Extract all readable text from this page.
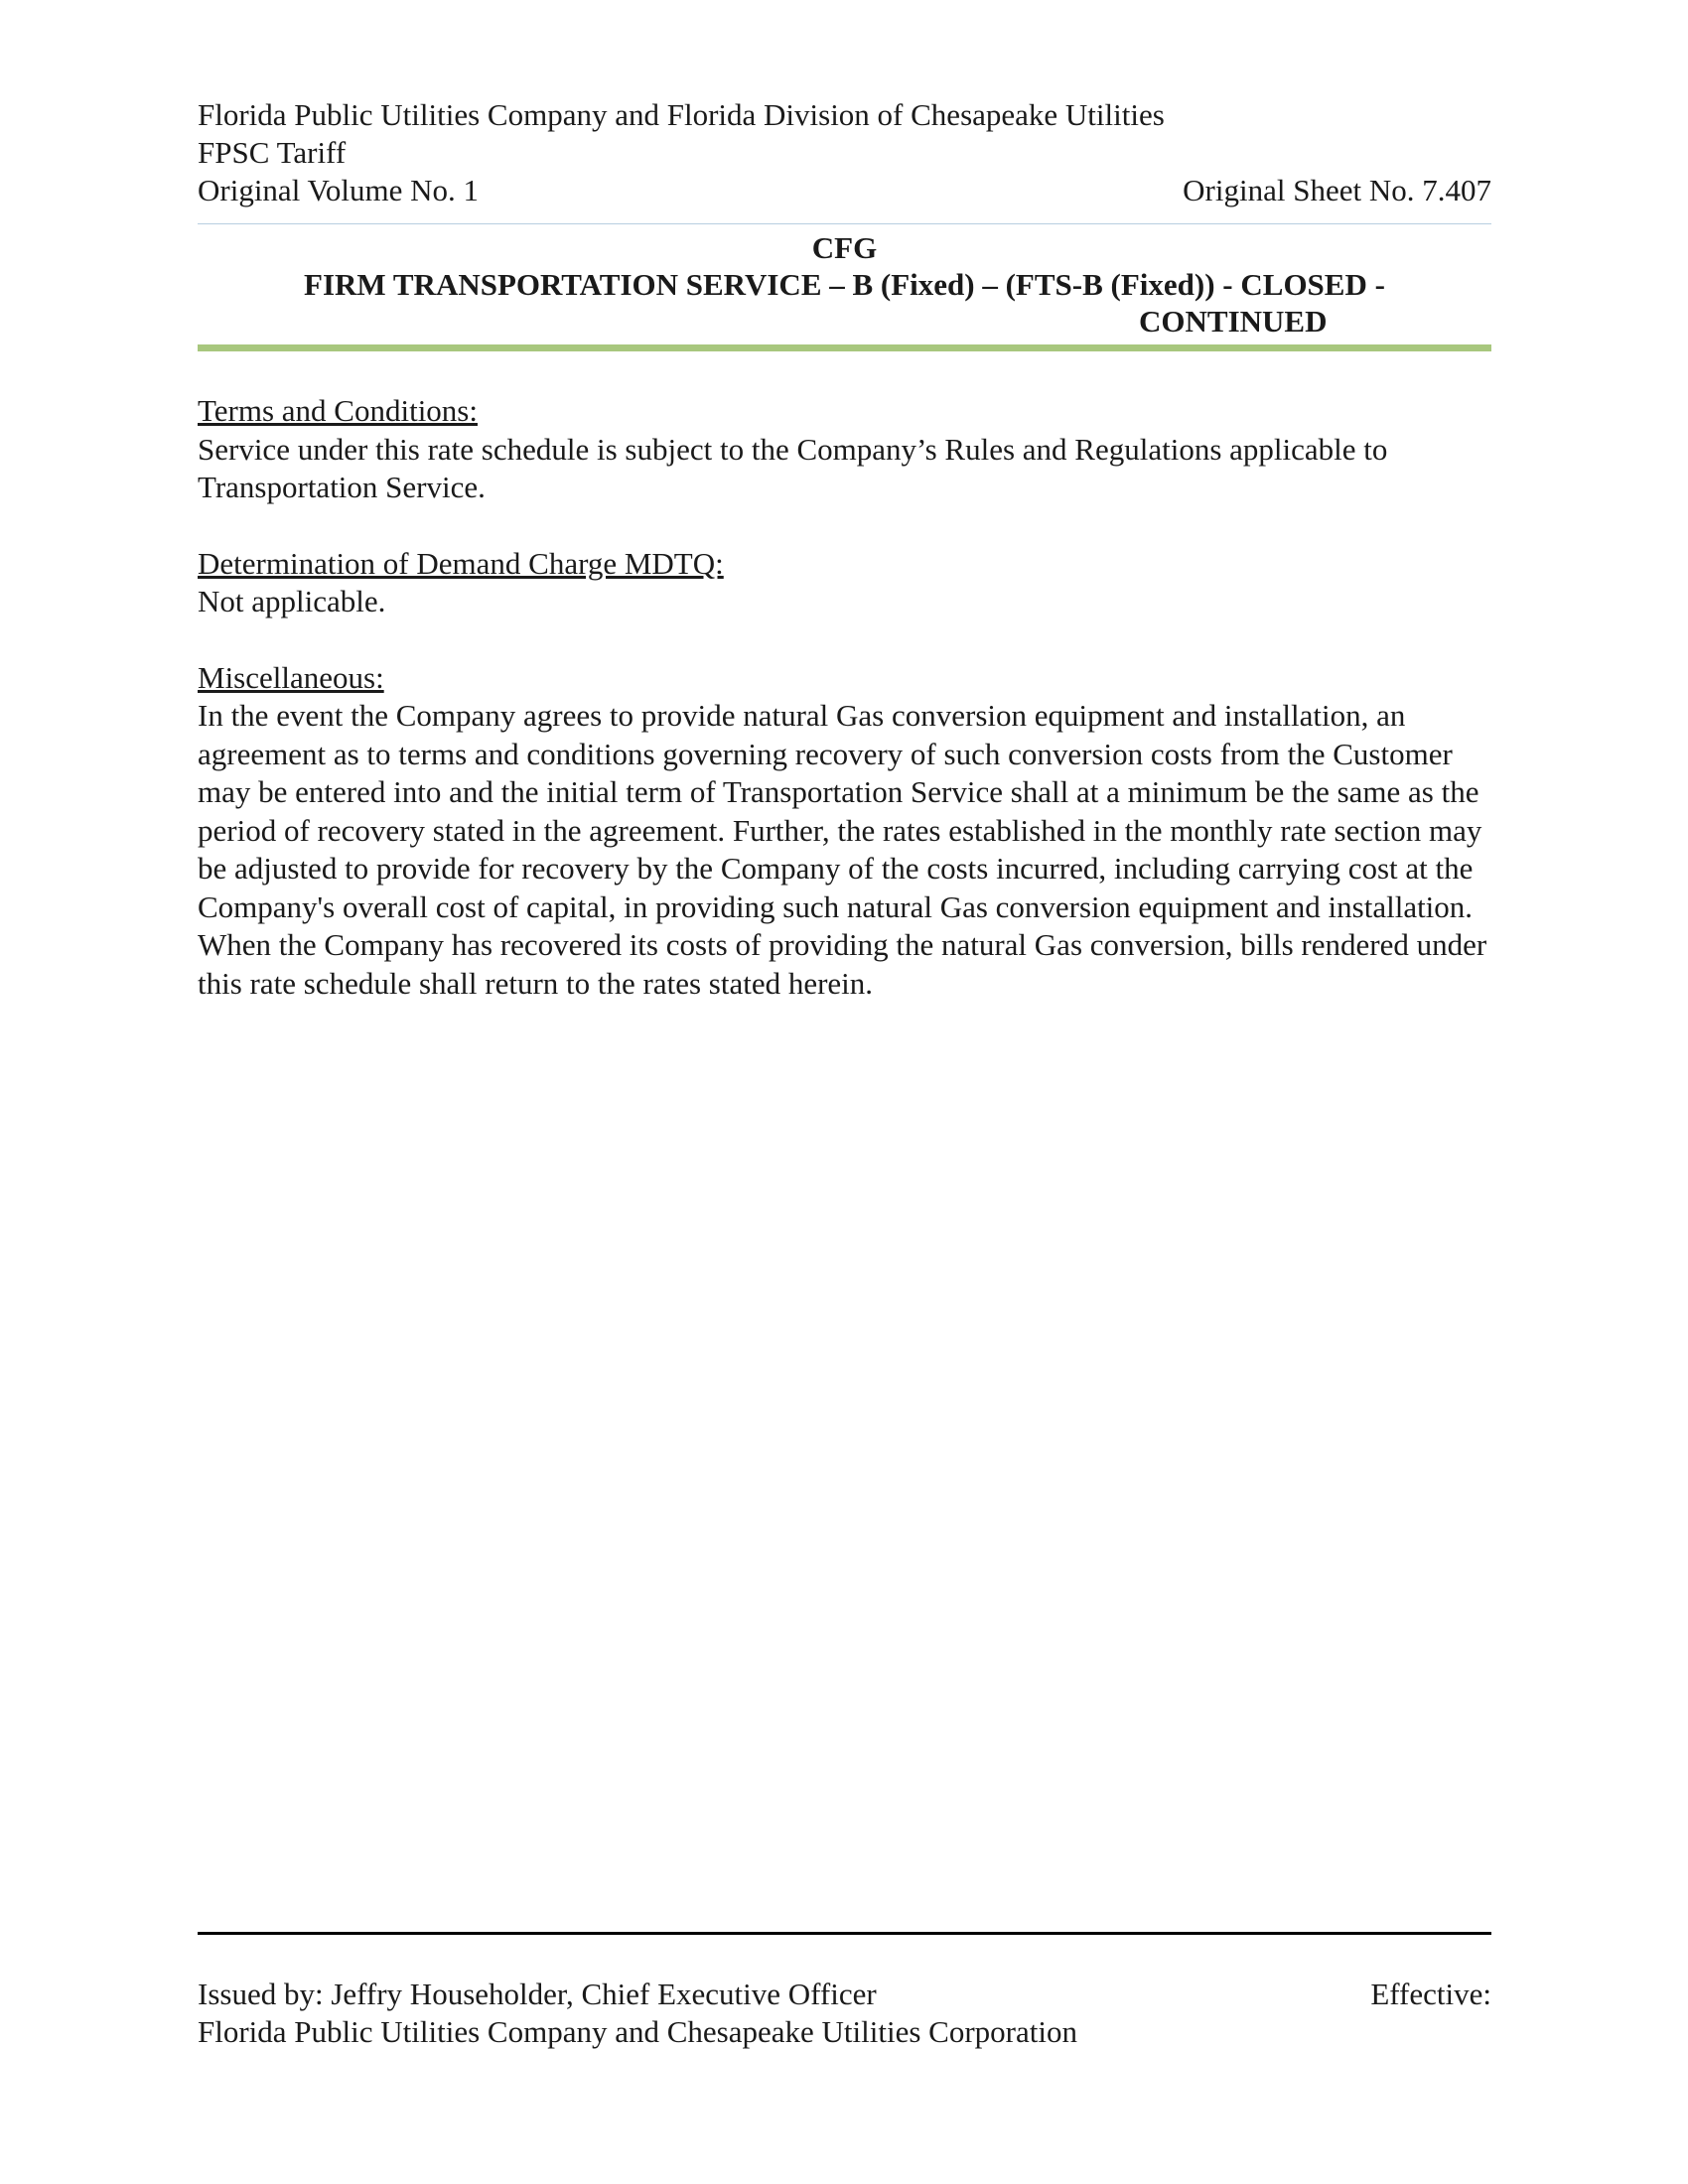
Florida Public Utilities Company and Florida Division of Chesapeake Utilities
FPSC Tariff
Original Volume No. 1	Original Sheet No. 7.407
CFG
FIRM TRANSPORTATION SERVICE – B (Fixed) – (FTS-B (Fixed)) - CLOSED -
CONTINUED
Terms and Conditions:

Service under this rate schedule is subject to the Company’s Rules and Regulations applicable to Transportation Service.

Determination of Demand Charge MDTQ:

Not applicable.

Miscellaneous:

In the event the Company agrees to provide natural Gas conversion equipment and installation, an agreement as to terms and conditions governing recovery of such conversion costs from the Customer may be entered into and the initial term of Transportation Service shall at a minimum be the same as the period of recovery stated in the agreement. Further, the rates established in the monthly rate section may be adjusted to provide for recovery by the Company of the costs incurred, including carrying cost at the Company's overall cost of capital, in providing such natural Gas conversion equipment and installation. When the Company has recovered its costs of providing the natural Gas conversion, bills rendered under this rate schedule shall return to the rates stated herein.

Issued by: Jeffry Householder, Chief Executive Officer	Effective:
Florida Public Utilities Company and Chesapeake Utilities Corporation
